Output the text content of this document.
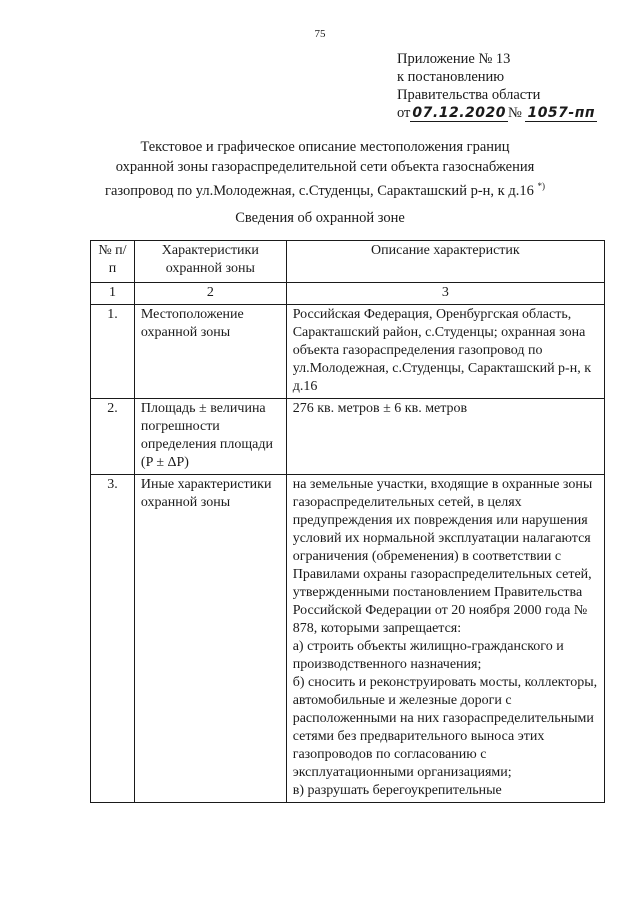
75
Приложение № 13
к постановлению
Правительства области
от 07.12.2020 № 1057-пп
Текстовое и графическое описание местоположения границ
охранной зоны газораспределительной сети объекта газоснабжения
газопровод по ул.Молодежная, с.Студенцы, Саракташский р-н, к д.16 *)
Сведения об охранной зоне
№ п/п	Характеристики охранной зоны	Описание характеристик
1	2	3
1.	Местоположение охранной зоны	Российская Федерация, Оренбургская область, Саракташский район, с.Студенцы; охранная зона объекта газораспределения газопровод по ул.Молодежная, с.Студенцы, Саракташский р-н, к д.16

2.	Площадь ± величина погрешности определения площади (P ± ΔP)	276 кв. метров ± 6 кв. метров

3.	Иные характеристики охранной зоны	на земельные участки, входящие в охранные зоны газораспределительных сетей, в целях предупреждения их повреждения или нарушения условий их нормальной эксплуатации налагаются ограничения (обременения) в соответствии с Правилами охраны газораспределительных сетей, утвержденными постановлением Правительства Российской Федерации от 20 ноября 2000 года № 878, которыми запрещается:
а) строить объекты жилищно-гражданского и производственного назначения;
б) сносить и реконструировать мосты, коллекторы, автомобильные и железные дороги с расположенными на них газораспределительными сетями без предварительного выноса этих газопроводов по согласованию с эксплуатационными организациями;
в) разрушать берегоукрепительные
